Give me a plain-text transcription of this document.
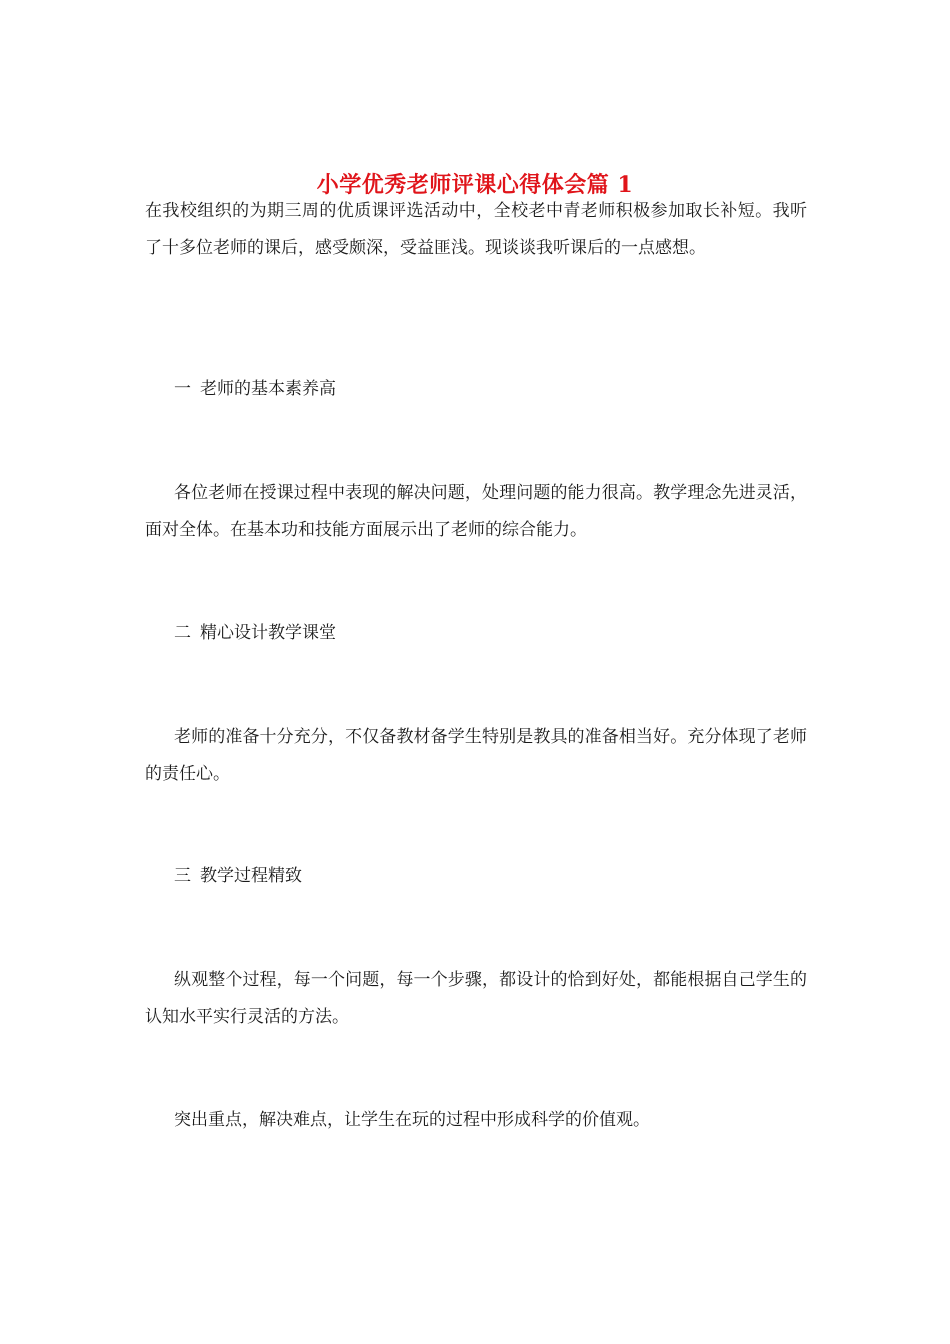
小学优秀老师评课心得体会篇 1

在我校组织的为期三周的优质课评选活动中，全校老中青老师积极参加取长补短。我听了十多位老师的课后，感受颇深，受益匪浅。现谈谈我听课后的一点感想。

一 老师的基本素养高

各位老师在授课过程中表现的解决问题，处理问题的能力很高。教学理念先进灵活，面对全体。在基本功和技能方面展示出了老师的综合能力。

二 精心设计教学课堂

老师的准备十分充分，不仅备教材备学生特别是教具的准备相当好。充分体现了老师的责任心。

三 教学过程精致

纵观整个过程，每一个问题，每一个步骤，都设计的恰到好处，都能根据自己学生的认知水平实行灵活的方法。

突出重点，解决难点，让学生在玩的过程中形成科学的价值观。
